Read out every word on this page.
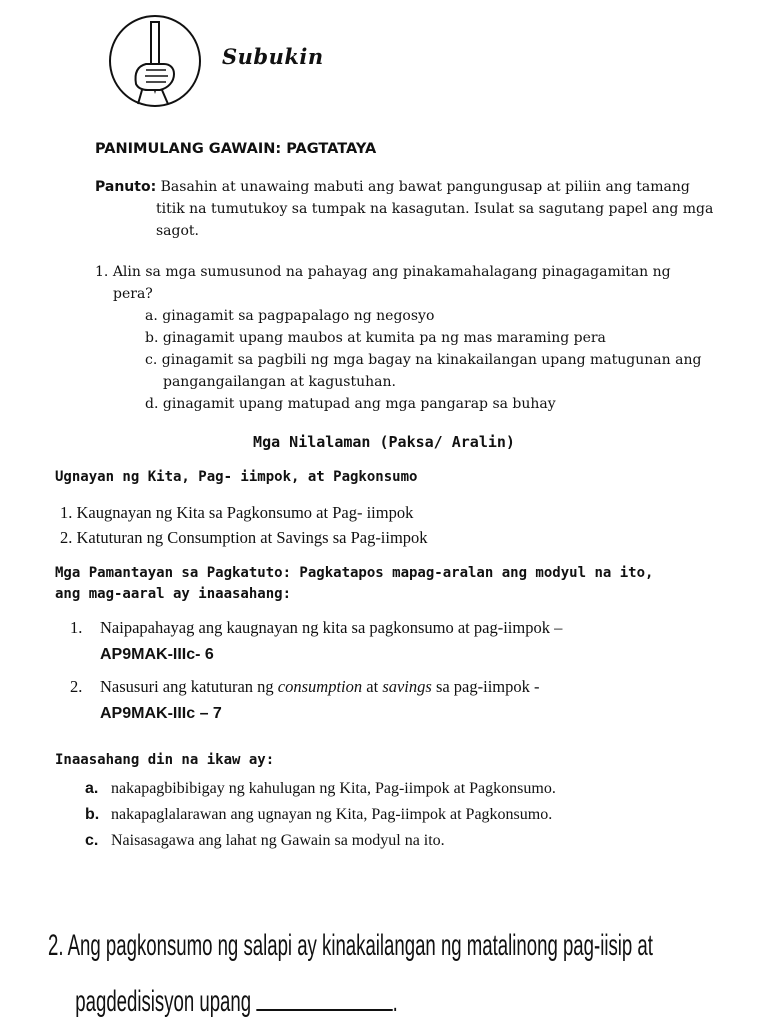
Subukin
PANIMULANG GAWAIN: PAGTATAYA
Panuto: Basahin at unawaing mabuti ang bawat pangungusap at piliin ang tamang
titik na tumutukoy sa tumpak na kasagutan. Isulat sa sagutang papel ang mga sagot.
1. Alin sa mga sumusunod na pahayag ang pinakamahalagang pinagagamitan ng
pera?
a. ginagamit sa pagpapalago ng negosyo
b. ginagamit upang maubos at kumita pa ng mas maraming pera
c. ginagamit sa pagbili ng mga bagay na kinakailangan upang matugunan ang
pangangailangan at kagustuhan.
d. ginagamit upang matupad ang mga pangarap sa buhay
Mga Nilalaman (Paksa/ Aralin)
Ugnayan ng Kita, Pag- iimpok, at Pagkonsumo
1. Kaugnayan ng Kita sa Pagkonsumo at Pag- iimpok
2. Katuturan ng Consumption at Savings sa Pag-iimpok
Mga Pamantayan sa Pagkatuto: Pagkatapos mapag-aralan ang modyul na ito,
ang mag-aaral ay inaasahang:
1. Naipapahayag ang kaugnayan ng kita sa pagkonsumo at pag-iimpok –
AP9MAK-IIIc- 6
2. Nasusuri ang katuturan ng consumption at savings sa pag-iimpok -
AP9MAK-IIIc – 7
Inaasahang din na ikaw ay:
a. nakapagbibibigay ng kahulugan ng Kita, Pag-iimpok at Pagkonsumo.
b. nakapaglalarawan ang ugnayan ng Kita, Pag-iimpok at Pagkonsumo.
c. Naisasagawa ang lahat ng Gawain sa modyul na ito.
2. Ang pagkonsumo ng salapi ay kinakailangan ng matalinong pag-iisip at
pagdedisisyon upang	.
